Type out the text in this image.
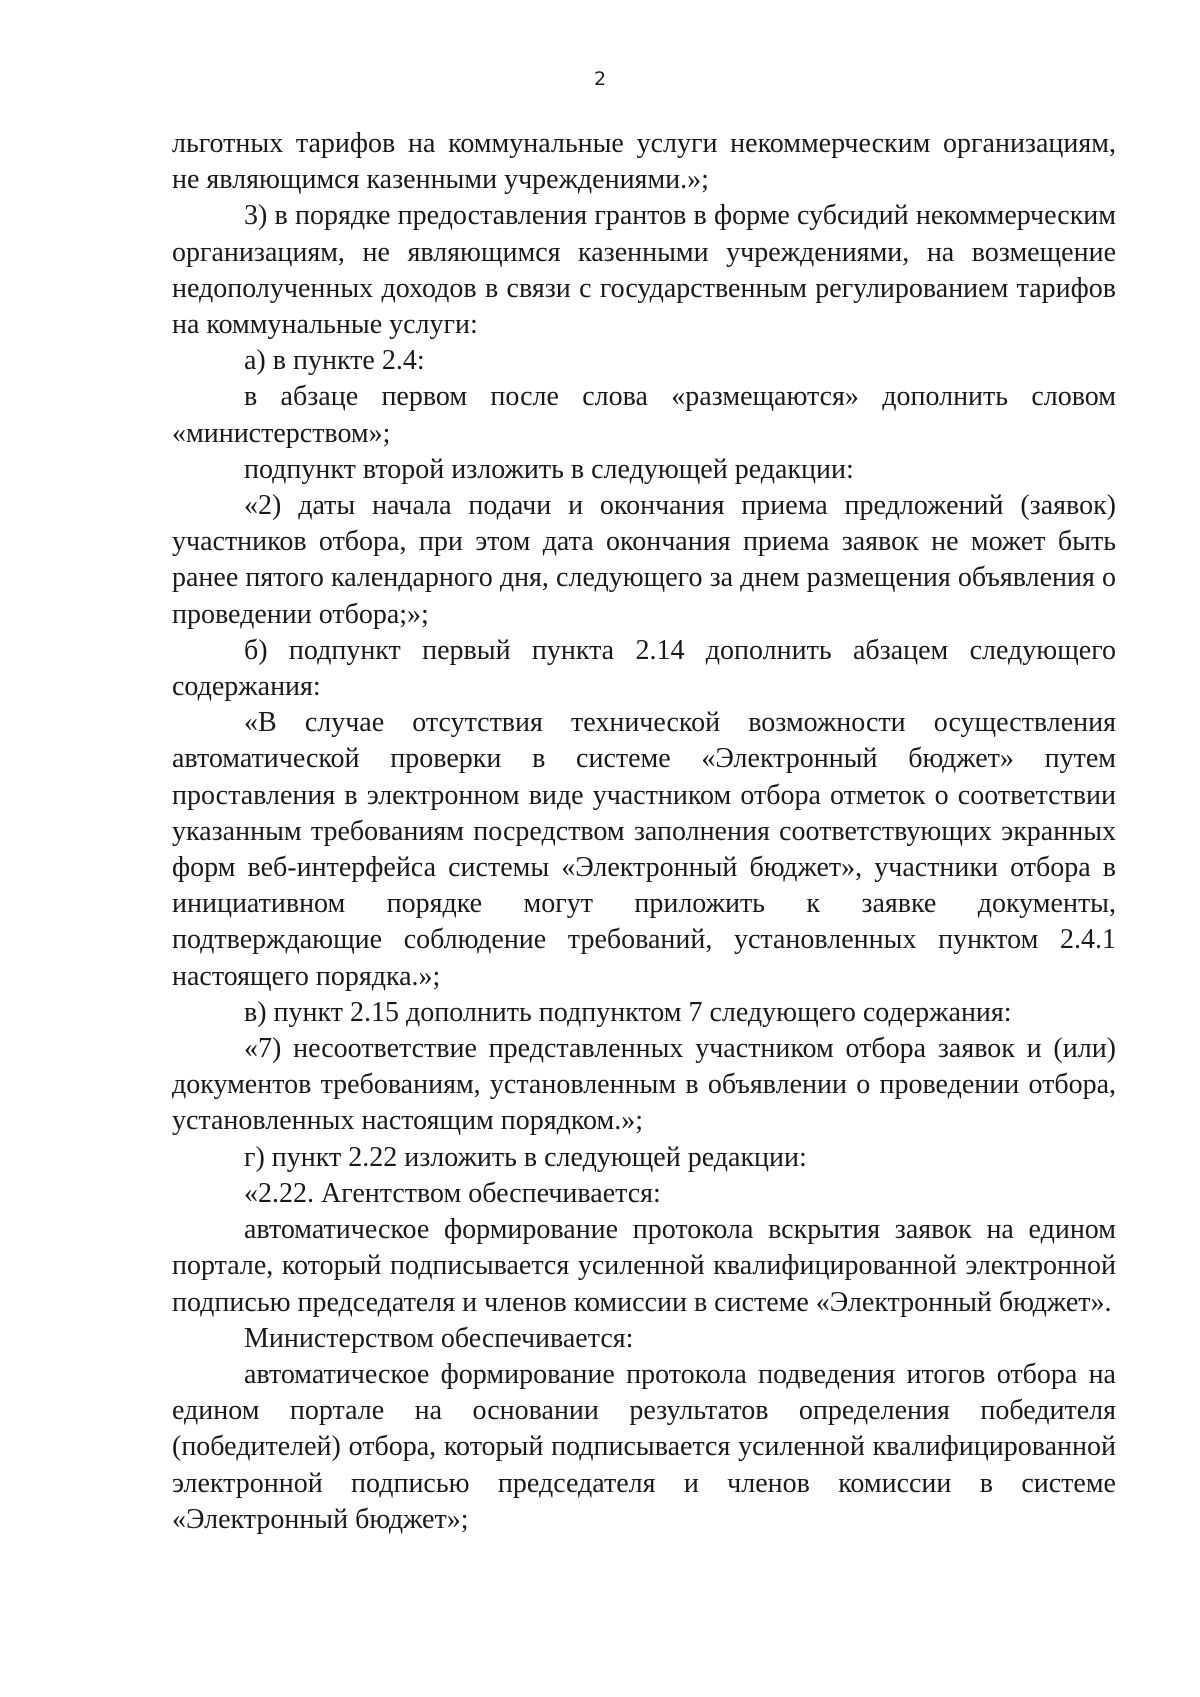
2

льготных тарифов на коммунальные услуги некоммерческим организациям, не являющимся казенными учреждениями.»;

3) в порядке предоставления грантов в форме субсидий некоммерческим организациям, не являющимся казенными учреждениями, на возмещение недополученных доходов в связи с государственным регулированием тарифов на коммунальные услуги:

а) в пункте 2.4:

в абзаце первом после слова «размещаются» дополнить словом «министерством»;

подпункт второй изложить в следующей редакции:

«2) даты начала подачи и окончания приема предложений (заявок) участников отбора, при этом дата окончания приема заявок не может быть ранее пятого календарного дня, следующего за днем размещения объявления о проведении отбора;»;

б) подпункт первый пункта 2.14 дополнить абзацем следующего содержания:

«В случае отсутствия технической возможности осуществления автоматической проверки в системе «Электронный бюджет» путем проставления в электронном виде участником отбора отметок о соответствии указанным требованиям посредством заполнения соответствующих экранных форм веб-интерфейса системы «Электронный бюджет», участники отбора в инициативном порядке могут приложить к заявке документы, подтверждающие соблюдение требований, установленных пунктом 2.4.1 настоящего порядка.»;

в) пункт 2.15 дополнить подпунктом 7 следующего содержания:

«7) несоответствие представленных участником отбора заявок и (или) документов требованиям, установленным в объявлении о проведении отбора, установленных настоящим порядком.»;

г) пункт 2.22 изложить в следующей редакции:

«2.22. Агентством обеспечивается:

автоматическое формирование протокола вскрытия заявок на едином портале, который подписывается усиленной квалифицированной электронной подписью председателя и членов комиссии в системе «Электронный бюджет».

Министерством обеспечивается:

автоматическое формирование протокола подведения итогов отбора на едином портале на основании результатов определения победителя (победителей) отбора, который подписывается усиленной квалифицированной электронной подписью председателя и членов комиссии в системе «Электронный бюджет»;
